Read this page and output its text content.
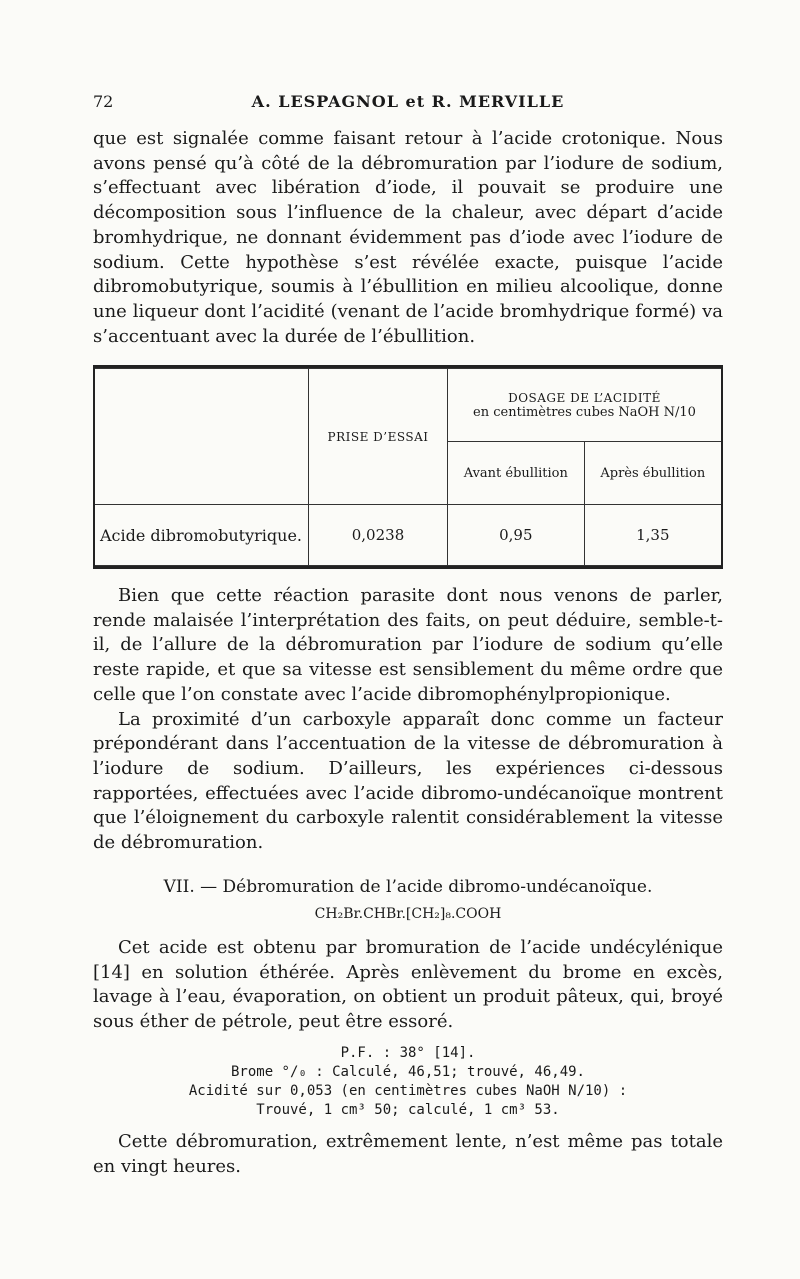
72	A. LESPAGNOL et R. MERVILLE

que est signalée comme faisant retour à l’acide crotonique. Nous avons pensé qu’à côté de la débromuration par l’iodure de sodium, s’effectuant avec libération d’iode, il pouvait se produire une décomposition sous l’influence de la chaleur, avec départ d’acide bromhydrique, ne donnant évidemment pas d’iode avec l’iodure de sodium. Cette hypothèse s’est révélée exacte, puisque l’acide dibromobutyrique, soumis à l’ébullition en milieu alcoolique, donne une liqueur dont l’acidité (venant de l’acide bromhydrique formé) va s’accentuant avec la durée de l’ébullition.

	PRISE D’ESSAI	DOSAGE DE L’ACIDITÉ
en centimètres cubes NaOH N/10	

		Avant ébullition	Après ébullition
Acide dibromobutyrique.	0,0238	0,95	1,35

Bien que cette réaction parasite dont nous venons de parler, rende malaisée l’interprétation des faits, on peut déduire, semble-t-il, de l’allure de la débromuration par l’iodure de sodium qu’elle reste rapide, et que sa vitesse est sensiblement du même ordre que celle que l’on constate avec l’acide dibromophénylpropionique.

La proximité d’un carboxyle apparaît donc comme un facteur prépondérant dans l’accentuation de la vitesse de débromuration à l’iodure de sodium. D’ailleurs, les expériences ci-dessous rapportées, effectuées avec l’acide dibromo-undécanoïque montrent que l’éloignement du carboxyle ralentit considérablement la vitesse de débromuration.

VII. — Débromuration de l’acide dibromo-undécanoïque.
CH₂Br.CHBr.[CH₂]₈.COOH

Cet acide est obtenu par bromuration de l’acide undécylénique [14] en solution éthérée. Après enlèvement du brome en excès, lavage à l’eau, évaporation, on obtient un produit pâteux, qui, broyé sous éther de pétrole, peut être essoré.

P.F. : 38° [14].
Brome °/₀ : Calculé, 46,51; trouvé, 46,49.
Acidité sur 0,053 (en centimètres cubes NaOH N/10) :
Trouvé, 1 cm³ 50; calculé, 1 cm³ 53.

Cette débromuration, extrêmement lente, n’est même pas totale en vingt heures.
